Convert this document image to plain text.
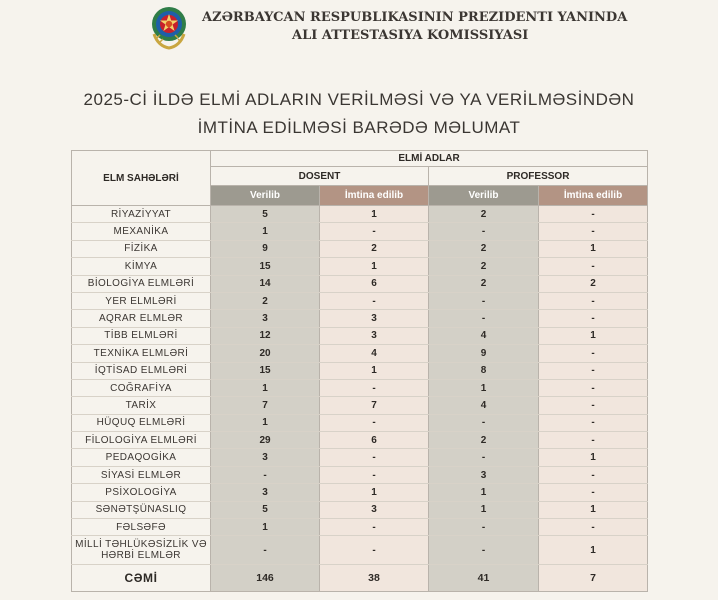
AZƏRBAYCAN RESPUBLIKASININ PREZIDENTI YANINDA
ALI ATTESTASIYA KOMISSIYASI
2025-Cİ İLDƏ ELMİ ADLARIN VERİLMƏSİ VƏ YA VERİLMƏSİNDƏN
İMTİNA EDİLMƏSİ BARƏDƏ MƏLUMAT
ELM SAHƏLƏRİ	ELMİ ADLAR			
	DOSENT		PROFESSOR	
	Verilib	İmtina edilib	Verilib	İmtina edilib
RİYAZİYYAT	5	1	2	-
MEXANİKA	1	-	-	-
FİZİKA	9	2	2	1
KİMYA	15	1	2	-
BİOLOGİYA ELMLƏRİ	14	6	2	2
YER ELMLƏRİ	2	-	-	-
AQRAR ELMLƏR	3	3	-	-
TİBB ELMLƏRİ	12	3	4	1
TEXNİKA ELMLƏRİ	20	4	9	-
İQTİSAD ELMLƏRİ	15	1	8	-
COĞRAFİYA	1	-	1	-
TARİX	7	7	4	-
HÜQUQ ELMLƏRİ	1	-	-	-
FİLOLOGİYA ELMLƏRİ	29	6	2	-
PEDAQOGİKA	3	-	-	1
SİYASİ ELMLƏR	-	-	3	-
PSİXOLOGİYA	3	1	1	-
SƏNƏTŞÜNASLIQ	5	3	1	1
FƏLSƏFƏ	1	-	-	-
MİLLİ TƏHLÜKƏSİZLİK VƏ HƏRBİ ELMLƏR	-	-	-	1
CƏMİ	146	38	41	7
